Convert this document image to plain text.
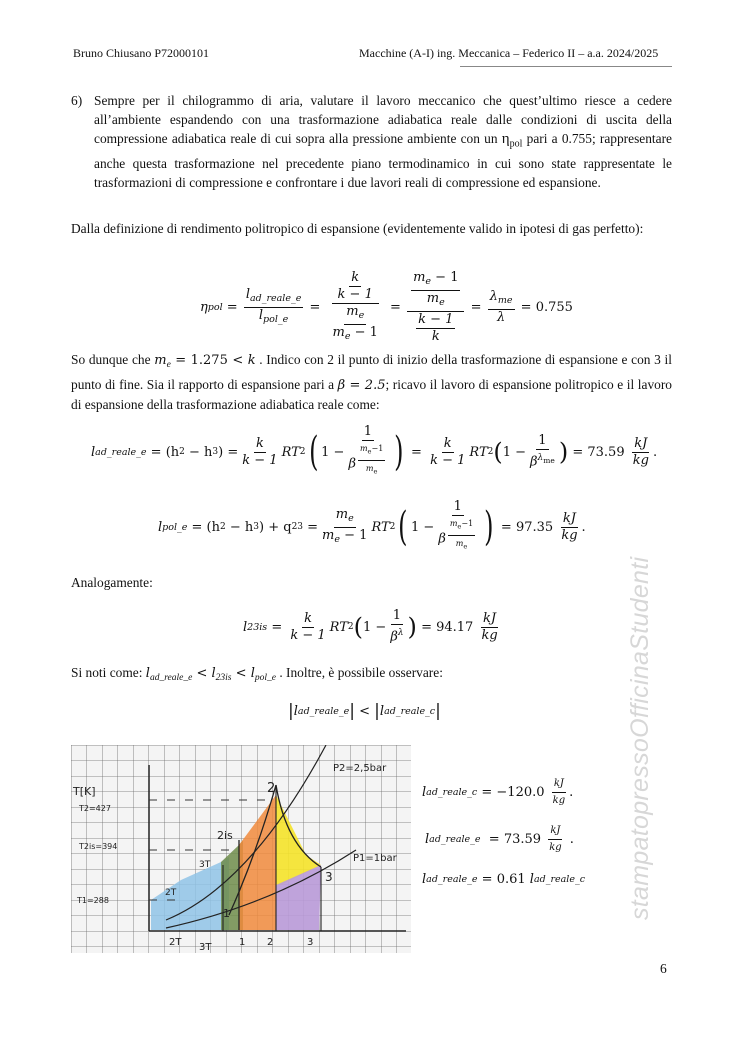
Bruno Chiusano P72000101	Macchine (A-I) ing. Meccanica – Federico II – a.a. 2024/2025
6) Sempre per il chilogrammo di aria, valutare il lavoro meccanico che quest’ultimo riesce a cedere all’ambiente espandendo con una trasformazione adiabatica reale dalle condizioni di uscita della compressione adiabatica reale di cui sopra alla pressione ambiente con un $\eta_{pol}$ pari a 0.755; rappresentare anche questa trasformazione nel precedente piano termodinamico in cui sono state rappresentate le trasformazioni di compressione e confrontare i due lavori reali di compressione ed espansione.
Dalla definizione di rendimento politropico di espansione (evidentemente valido in ipotesi di gas perfetto):
η pol = $\frac{l_{ad\_reale\_e}}{l_{pol\_e}} = \frac{\frac{k}{k - 1}}{\frac{m_e}{m_e - 1}} = \frac{\frac{m_e - 1}{m_e}}{\frac{k - 1}{k}} = \frac{\lambda_{me}}{\lambda}$
= 0.755
So dunque che $m_e = 1.275 < k$ . Indico con 2 il punto di inizio della trasformazione di espansione e con 3 il punto di fine. Sia il rapporto di espansione pari a β = 2.5; ricavo il lavoro di espansione politropico e il lavoro di espansione della trasformazione adiabatica reale come:
l ad_reale_e = (h 2 − h 3 ) = $\frac{k}{k - 1}$ RT 2 ( 1 − 1
β $^{\frac{m_e-1}{m_e}}$ ) = $\frac{k}{k - 1}$ RT 2 ( $1 - \frac{1}{\beta^{\lambda_{me}}}$ )
= 73.59
$\frac{kJ}{kg}$ .
l pol_e = (h 2 − h 3 ) + q $23 = \frac{m_e}{m_e - 1}$ RT 2 ( 1 − 1
β $^{\frac{m_e-1}{m_e}}$ )
= 97.35
$\frac{kJ}{kg}$ .
Analogamente:
l $23is = \frac{k}{k - 1}$ RT 2 ( $1 - \frac{1}{\beta^\lambda}$ )
= 94.17
$\frac{kJ}{kg}$
Si noti come: $l_{ad\_reale\_e} < l_{23is} < l_{pol\_e}$ . Inoltre, è possibile osservare:
| l ad_reale_e | < | l ad_reale_c |
T[K]
T2=427
T2is=394
T1=288
P2=2,5bar
P1=1bar
2
2is
3
3T
2T
1
2T 3T	1 2	3
l ad_reale_c
= −120.0
$\frac{kJ}{kg}$ .
l ad_reale_e
= 73.59
$\frac{kJ}{kg}$ .
l ad_reale_e
= 0.61
l ad_reale_c stampatopressoOfficinaStudenti
6
